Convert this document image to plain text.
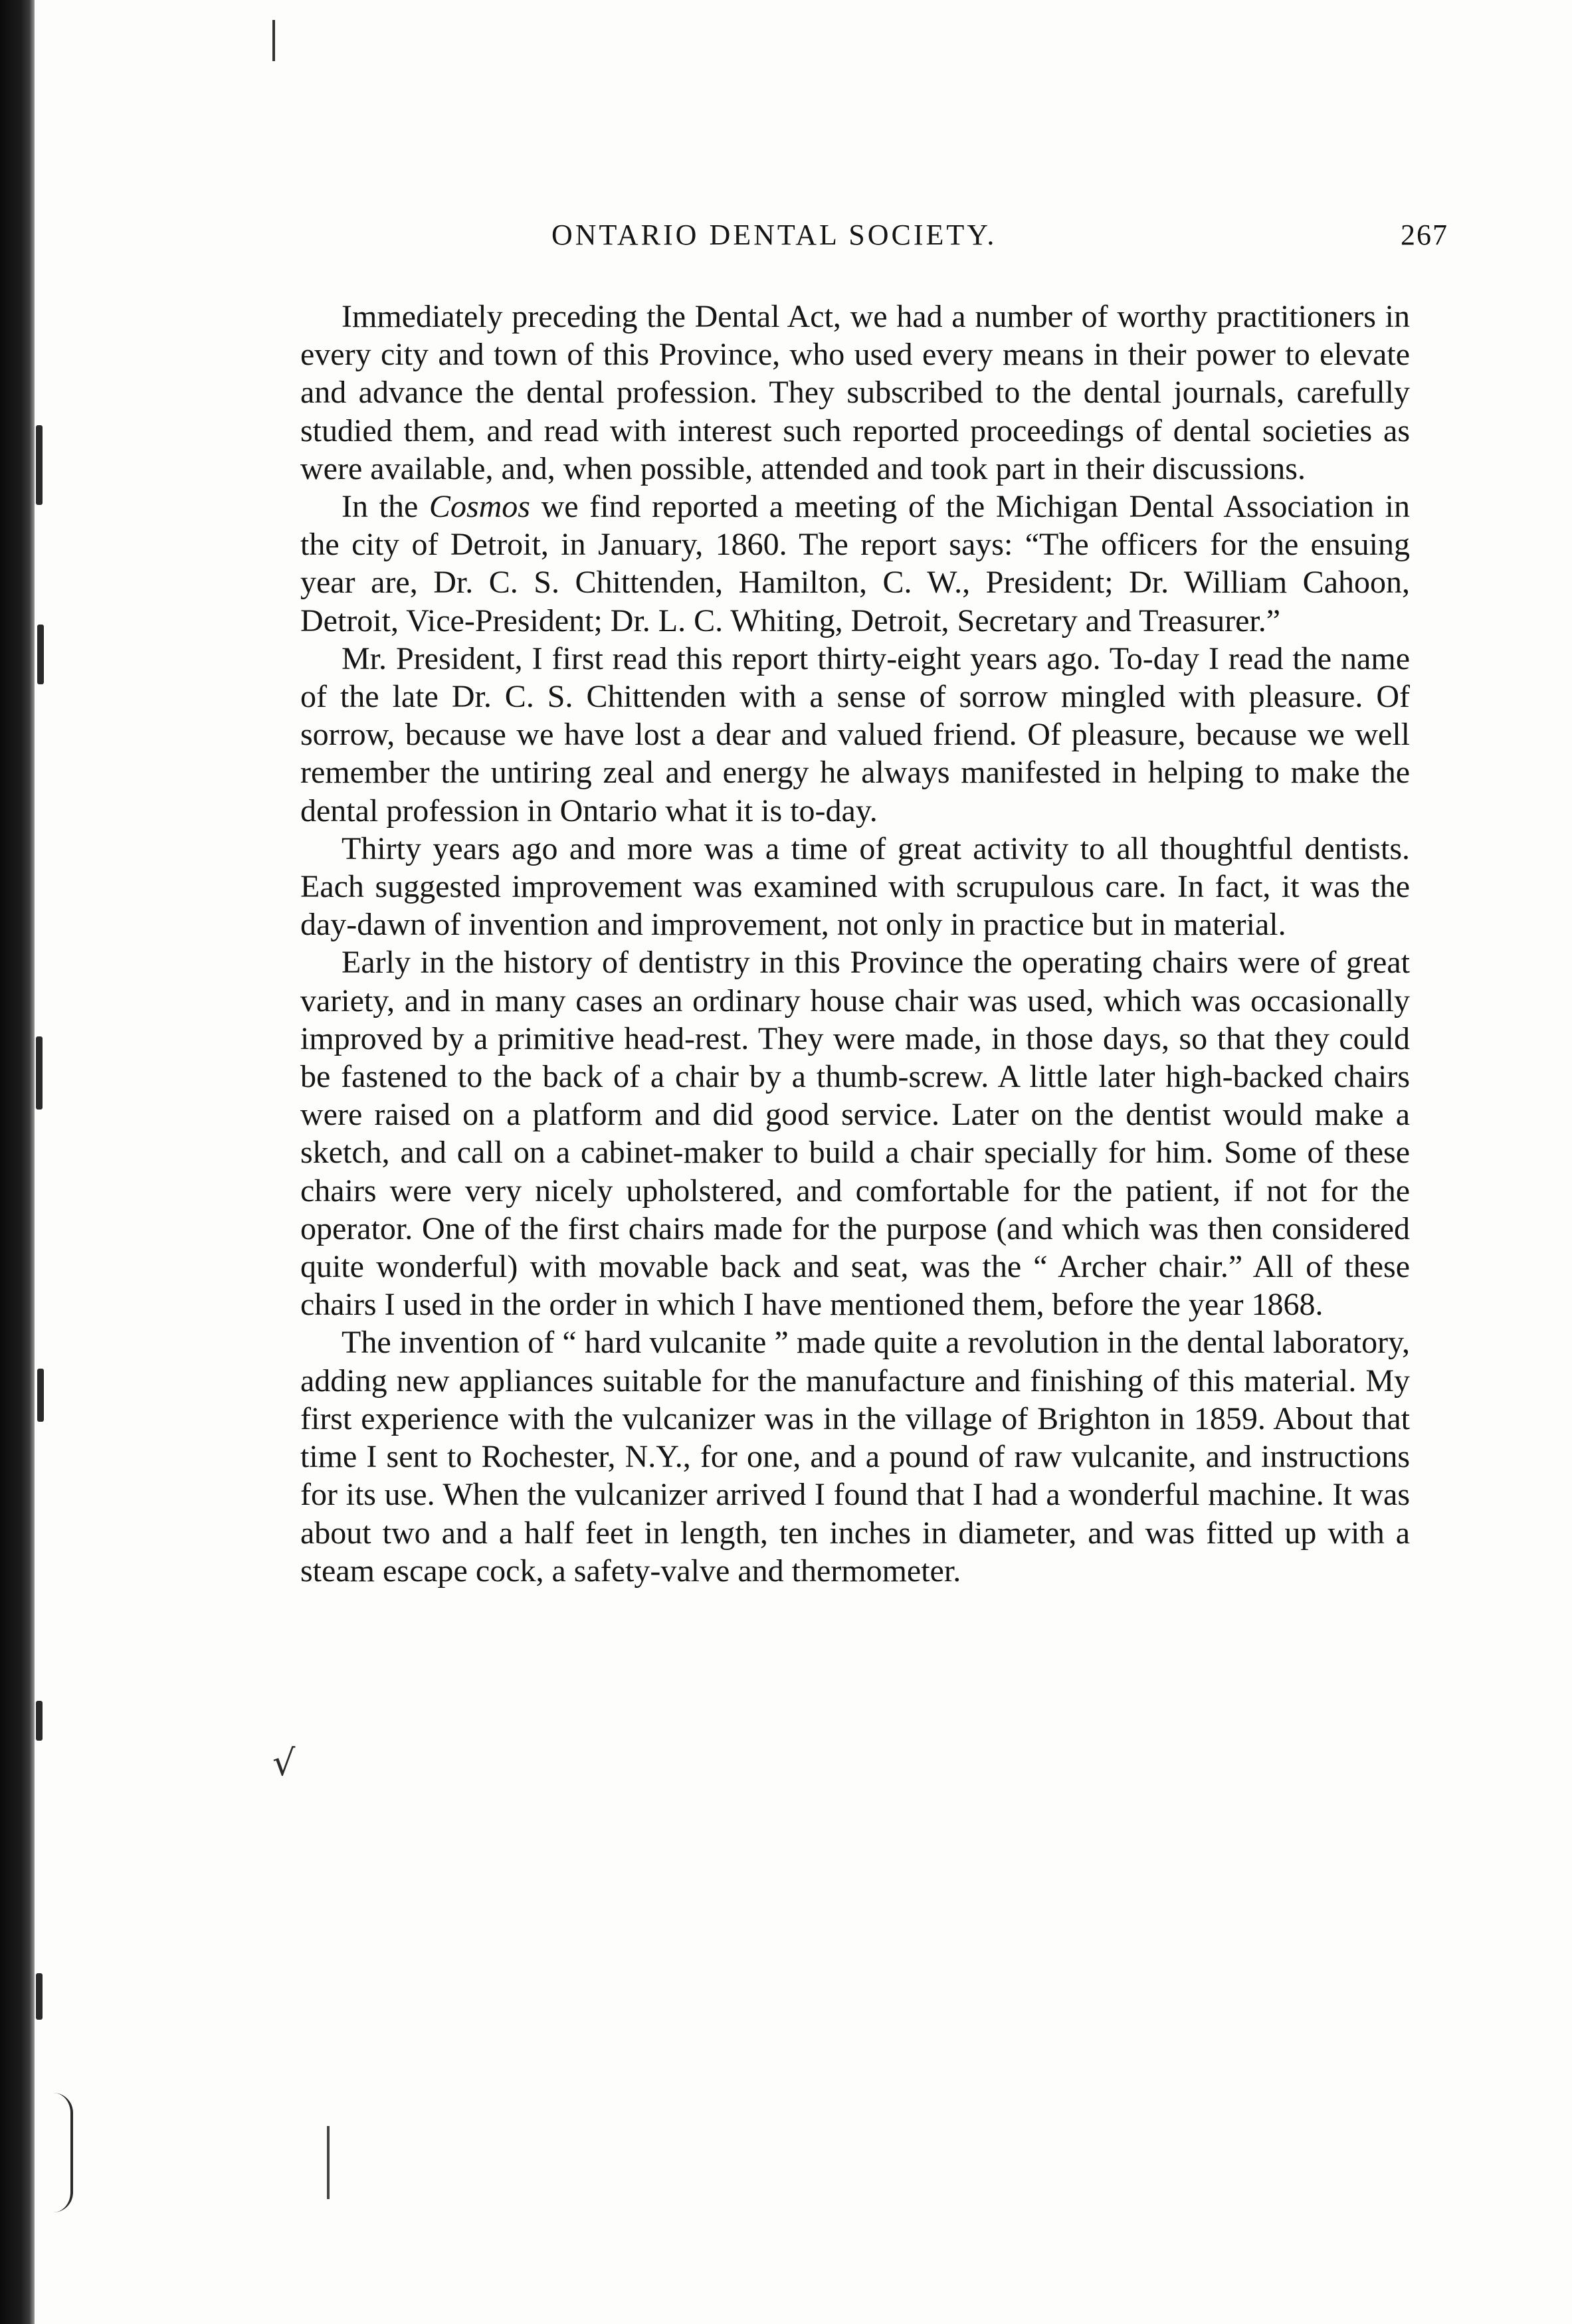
ONTARIO DENTAL SOCIETY.	267
√

Immediately preceding the Dental Act, we had a number of worthy practitioners in every city and town of this Province, who used every means in their power to elevate and advance the dental profession. They subscribed to the dental journals, carefully studied them, and read with interest such reported proceedings of dental societies as were available, and, when possible, attended and took part in their discussions.

In the Cosmos we find reported a meeting of the Michigan Dental Association in the city of Detroit, in January, 1860. The report says: “The officers for the ensuing year are, Dr. C. S. Chittenden, Hamilton, C. W., President; Dr. William Cahoon, Detroit, Vice-President; Dr. L. C. Whiting, Detroit, Secretary and Treasurer.”

Mr. President, I first read this report thirty-eight years ago. To-day I read the name of the late Dr. C. S. Chittenden with a sense of sorrow mingled with pleasure. Of sorrow, because we have lost a dear and valued friend. Of pleasure, because we well remember the untiring zeal and energy he always manifested in helping to make the dental profession in Ontario what it is to-day.

Thirty years ago and more was a time of great activity to all thoughtful dentists. Each suggested improvement was examined with scrupulous care. In fact, it was the day-dawn of invention and improvement, not only in practice but in material.

Early in the history of dentistry in this Province the operating chairs were of great variety, and in many cases an ordinary house chair was used, which was occasionally improved by a primitive head-rest. They were made, in those days, so that they could be fastened to the back of a chair by a thumb-screw. A little later high-backed chairs were raised on a platform and did good service. Later on the dentist would make a sketch, and call on a cabinet-maker to build a chair specially for him. Some of these chairs were very nicely upholstered, and comfortable for the patient, if not for the operator. One of the first chairs made for the purpose (and which was then considered quite wonderful) with movable back and seat, was the “ Archer chair.” All of these chairs I used in the order in which I have mentioned them, before the year 1868.

The invention of “ hard vulcanite ” made quite a revolution in the dental laboratory, adding new appliances suitable for the manufacture and finishing of this material. My first experience with the vulcanizer was in the village of Brighton in 1859. About that time I sent to Rochester, N.Y., for one, and a pound of raw vulcanite, and instructions for its use. When the vulcanizer arrived I found that I had a wonderful machine. It was about two and a half feet in length, ten inches in diameter, and was fitted up with a steam escape cock, a safety-valve and thermometer.
